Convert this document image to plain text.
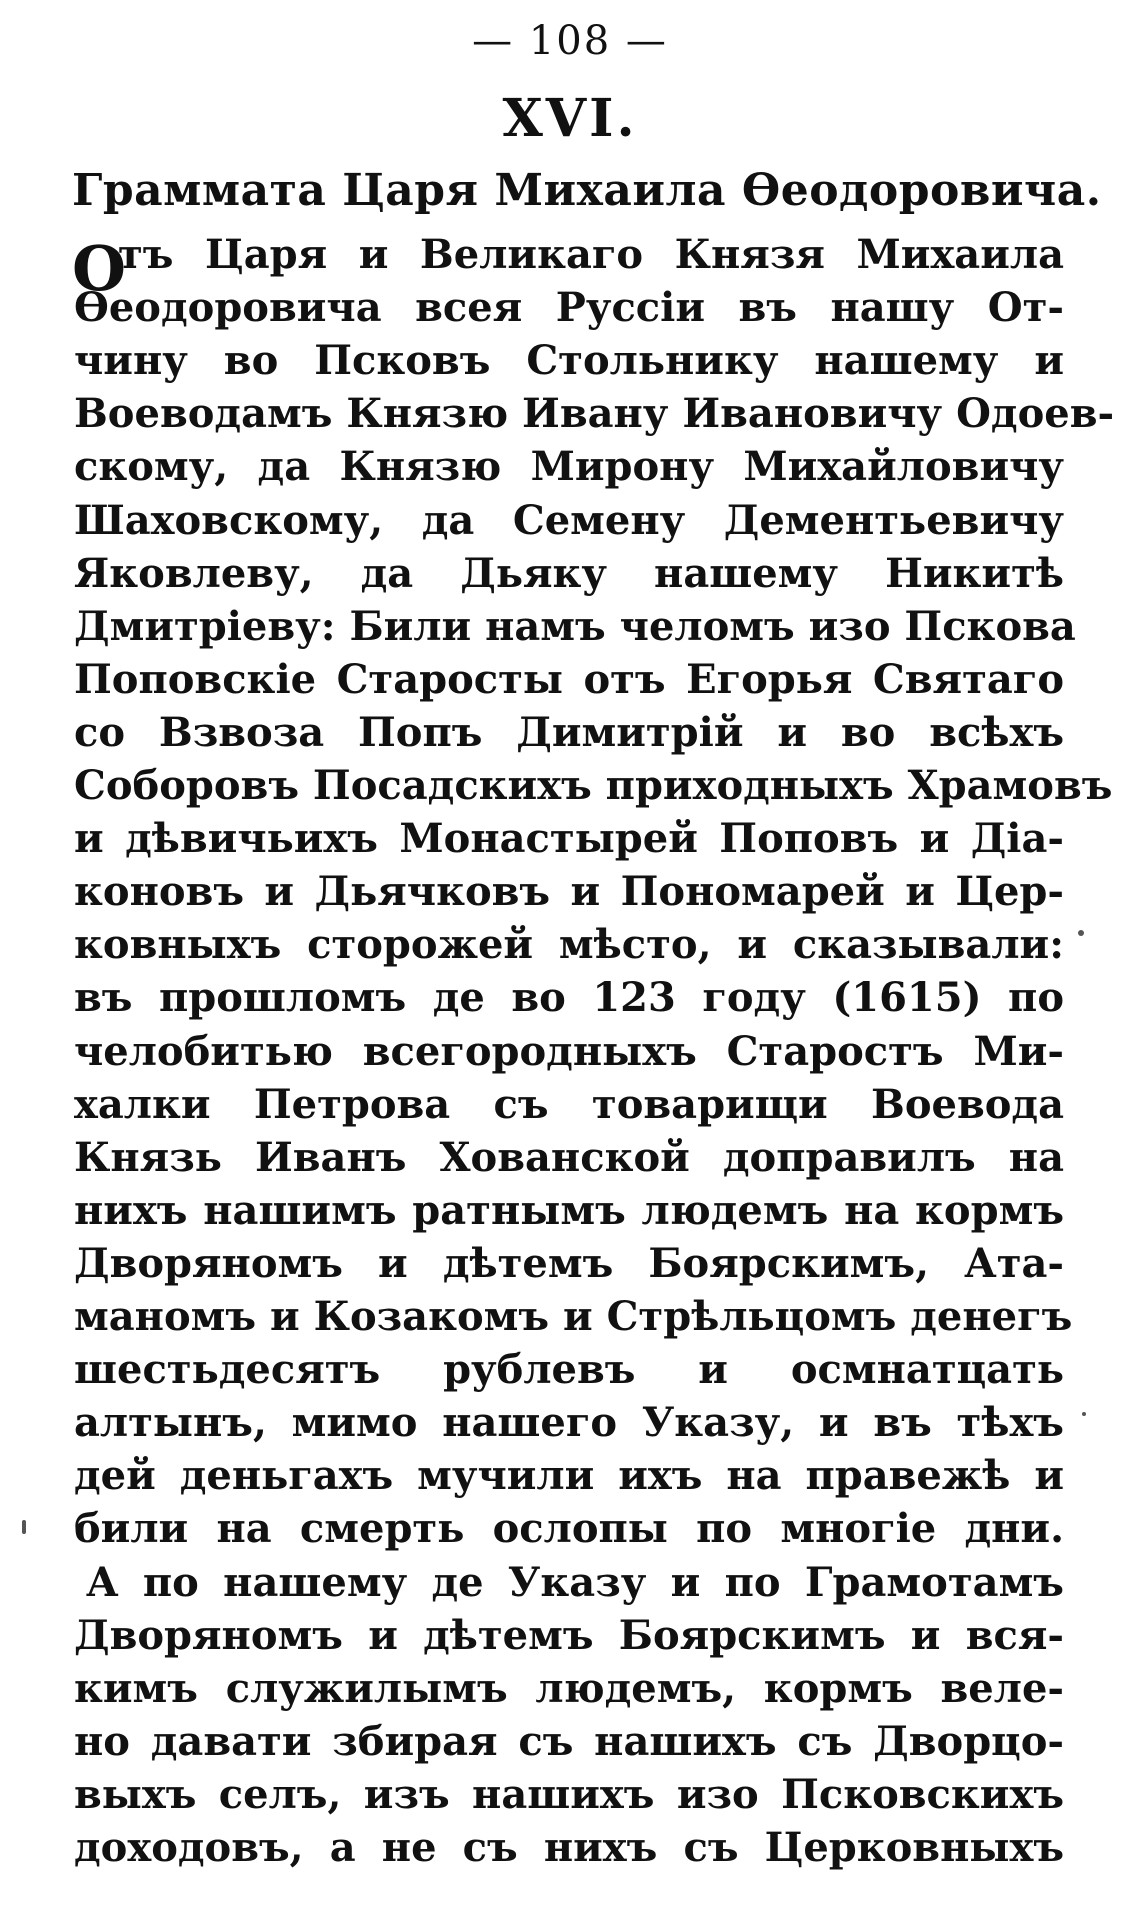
— 108 —
XVI.
Граммата Царя Михаила Өеодоровича.
О
тъ Царя и Великаго Князя Михаила
Өеодоровича всея Руссіи въ нашу От-
чину во Псковъ Стольнику нашему и
Воеводамъ Князю Ивану Ивановичу Одоев-
скому, да Князю Мирону Михайловичу
Шаховскому, да Семену Дементьевичу
Яковлеву, да Дьяку нашему Никитѣ
Дмитріеву: Били намъ челомъ изо Пскова
Поповскіе Старосты отъ Егорья Святаго
со Взвоза Попъ Димитрій и во всѣхъ
Соборовъ Посадскихъ приходныхъ Храмовъ
и дѣвичьихъ Монастырей Поповъ и Діа-
коновъ и Дьячковъ и Пономарей и Цер-
ковныхъ сторожей мѣсто, и сказывали:
въ прошломъ де во 123 году (1615) по
челобитью всегородныхъ Старостъ Ми-
халки Петрова съ товарищи Воевода
Князь Иванъ Хованской доправилъ на
нихъ нашимъ ратнымъ людемъ на кормъ
Дворяномъ и дѣтемъ Боярскимъ, Ата-
маномъ и Козакомъ и Стрѣльцомъ денегъ
шестьдесятъ рублевъ и осмнатцать
алтынъ, мимо нашего Указу, и въ тѣхъ
дей деньгахъ мучили ихъ на правежѣ и
били на смерть ослопы по многіе дни.
А по нашему де Указу и по Грамотамъ
Дворяномъ и дѣтемъ Боярскимъ и вся-
кимъ служилымъ людемъ, кормъ веле-
но давати збирая съ нашихъ съ Дворцо-
выхъ селъ, изъ нашихъ изо Псковскихъ
доходовъ, а не съ нихъ съ Церковныхъ
